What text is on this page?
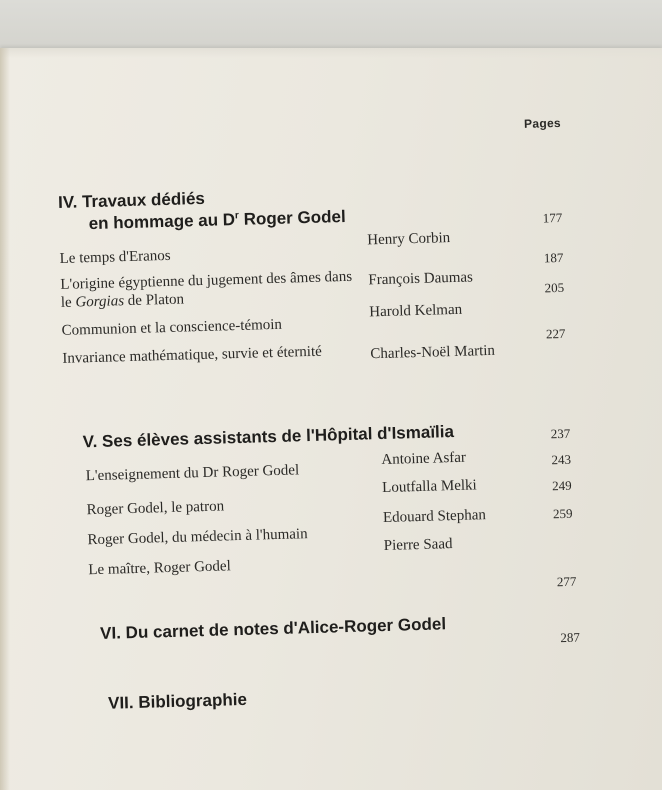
Pages
IV. Travaux dédiés
en hommage au $D^r$ Roger Godel
Le temps d'Eranos
Henry Corbin
177
L'origine égyptienne du jugement des âmes dans le Gorgias de Platon
François Daumas
187
Communion et la conscience-témoin
Harold Kelman
205
Invariance mathématique, survie et éternité	Charles-Noël Martin
227
V. Ses élèves assistants de l'Hôpital d'Ismaïlia
L'enseignement du Dr Roger Godel
Antoine Asfar
237
Roger Godel, le patron
Loutfalla Melki
243
Roger Godel, du médecin à l'humain
Edouard Stephan
249
Le maître, Roger Godel
Pierre Saad
259
VI. Du carnet de notes d'Alice-Roger Godel
277
VII. Bibliographie
287
